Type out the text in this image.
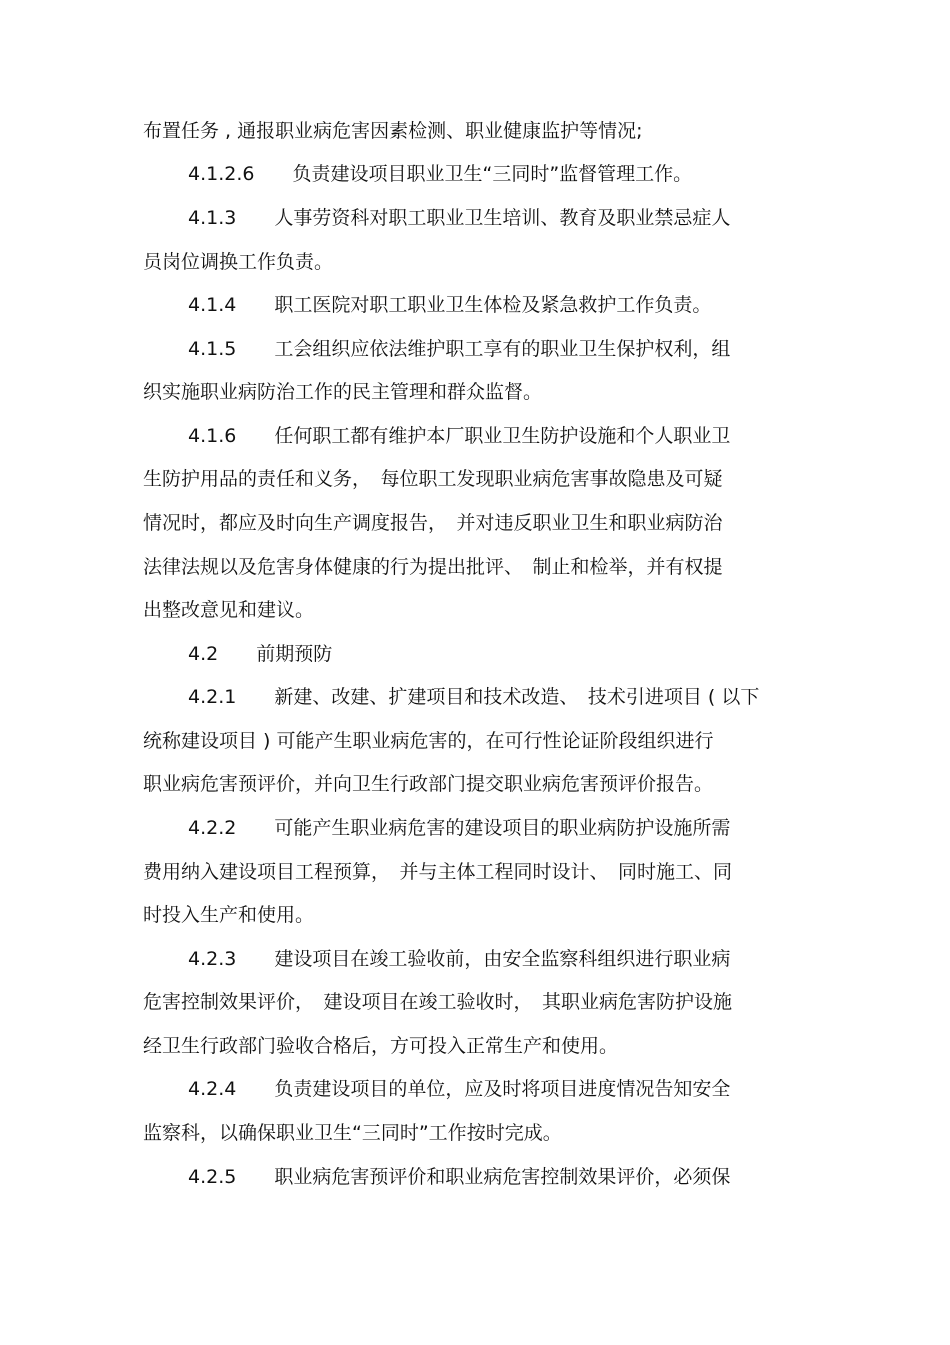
布置任务 , 通报职业病危害因素检测、职业健康监护等情况;
4.1.2.6　　负责建设项目职业卫生“三同时”监督管理工作。
4.1.3　　人事劳资科对职工职业卫生培训、教育及职业禁忌症人
员岗位调换工作负责。
4.1.4　　职工医院对职工职业卫生体检及紧急救护工作负责。
4.1.5　　工会组织应依法维护职工享有的职业卫生保护权利，组
织实施职业病防治工作的民主管理和群众监督。
4.1.6　　任何职工都有维护本厂职业卫生防护设施和个人职业卫
生防护用品的责任和义务，　每位职工发现职业病危害事故隐患及可疑
情况时，都应及时向生产调度报告，　并对违反职业卫生和职业病防治
法律法规以及危害身体健康的行为提出批评、　制止和检举，并有权提
出整改意见和建议。
4.2　　前期预防
4.2.1　　新建、改建、扩建项目和技术改造、　技术引进项目 ( 以下
统称建设项目 ) 可能产生职业病危害的，在可行性论证阶段组织进行
职业病危害预评价，并向卫生行政部门提交职业病危害预评价报告。
4.2.2　　可能产生职业病危害的建设项目的职业病防护设施所需
费用纳入建设项目工程预算，　并与主体工程同时设计、　同时施工、同
时投入生产和使用。
4.2.3　　建设项目在竣工验收前，由安全监察科组织进行职业病
危害控制效果评价，　建设项目在竣工验收时，　其职业病危害防护设施
经卫生行政部门验收合格后，方可投入正常生产和使用。
4.2.4　　负责建设项目的单位，应及时将项目进度情况告知安全
监察科，以确保职业卫生“三同时”工作按时完成。
4.2.5　　职业病危害预评价和职业病危害控制效果评价，必须保
